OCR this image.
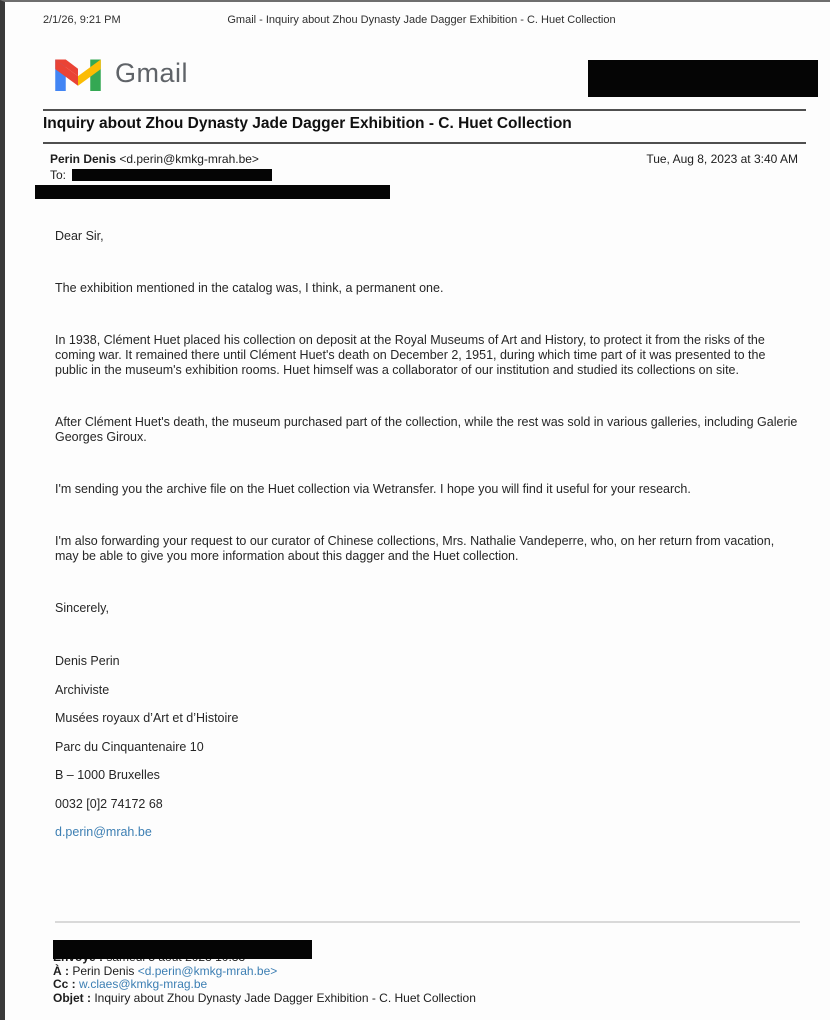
Gmail - Inquiry about Zhou Dynasty Jade Dagger Exhibition - C. Huet Collection
2/1/26, 9:21 PM
Gmail
Inquiry about Zhou Dynasty Jade Dagger Exhibition - C. Huet Collection
Perin Denis <d.perin@kmkg-mrah.be>	Tue, Aug 8, 2023 at 3:40 AM
To:

Dear Sir,

The exhibition mentioned in the catalog was, I think, a permanent one.

In 1938, Clément Huet placed his collection on deposit at the Royal Museums of Art and History, to protect it from the risks of the coming war. It remained there until Clément Huet's death on December 2, 1951, during which time part of it was presented to the public in the museum's exhibition rooms. Huet himself was a collaborator of our institution and studied its collections on site.

After Clément Huet's death, the museum purchased part of the collection, while the rest was sold in various galleries, including Galerie Georges Giroux.

I'm sending you the archive file on the Huet collection via Wetransfer. I hope you will find it useful for your research.

I'm also forwarding your request to our curator of Chinese collections, Mrs. Nathalie Vandeperre, who, on her return from vacation, may be able to give you more information about this dagger and the Huet collection.

Sincerely,

Denis Perin
Archiviste
Musées royaux d’Art et d’Histoire
Parc du Cinquantenaire 10
B – 1000 Bruxelles
0032 [0]2 74172 68
d.perin@mrah.be
À : Perin Denis <d.perin@kmkg-mrah.be>
Cc : w.claes@kmkg-mrag.be
Objet : Inquiry about Zhou Dynasty Jade Dagger Exhibition - C. Huet Collection
